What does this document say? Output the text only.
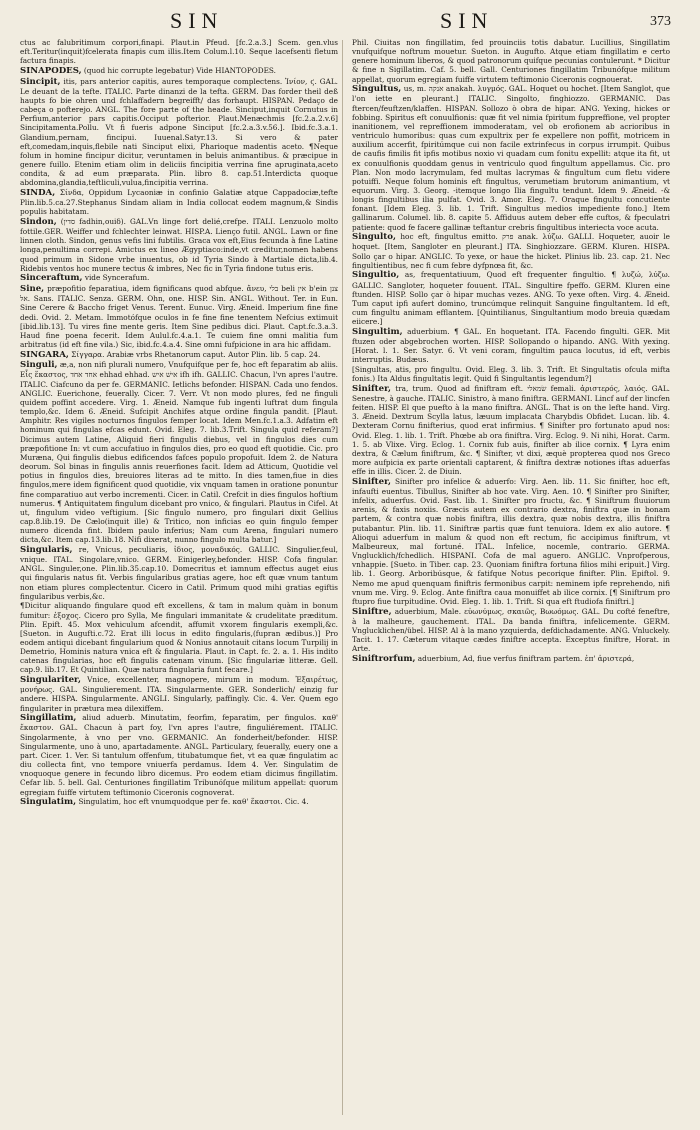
SIN	SIN	373

ctus ac falubritimum corpori,finapi. Plaut.in Pfeud. [fc.2.a.3.] Scem. gen.vlus eft.Teritur(inquit)fcelerata finapis cum illis.Item Colum.l.10. Seque lacefsenti fletum factura finapis.

SINAPODES, (quod hic corrupte legebatur) Vide HIANTOPODES.

Sincipit, itis, pars anterior capitis, aures temporaque complectens. Ἰνίον, ϛ. GAL. Le deuant de la tefte. ITALIC. Parte dinanzi de la tefta. GERM. Das forder theil deß haupts fo bie ohren und fchlaffadern begreifft/ das forhaupt. HISPAN. Pedaço de cabeça o pofterejo. ANGL. The fore parte of the heade. Sinciput,inquit Cornutus in Perfium,anterior pars capitis.Occiput pofterior. Plaut.Menæchmis [fc.2.a.2.v.6] Sincipitamenta.Pollu. Vt fi fueris adpone Sinciput [fc.2.a.3.v.56.]. Ibid.fc.3.a.1. Glandium,pernam, fincipui. Iuuenal.Satyr.13. Si vero & pater eft,comedam,inquis,flebile nati Sinciput elixi, Pharioque madentis aceto. ¶Neque folum in homine fincipur dicitur, veruntamen in beluis animantibus. & præcipue in genere fuillo. Etenim etiam olim in deliciis fincipitia verrina fine apruginata,aceto condita, & ad eum præparata. Plin. libro 8. cap.51.Interdicta quoque abdomina,glandia,teftliculi,vulua,fincipitia verrina.

SINDA, Σίνδα, Oppidum Lycaoniæ in confinio Galatiæ atque Cappadociæ,tefte Plin.lib.5.ca.27.Stephanus Sindam aliam in India collocat eodem magnum,& Sindis populis habitatam.

Sindon, (סדין fadhin,ouiδ). GAL.Vn linge fort delié,crefpe. ITALI. Lenzuolo molto fottile.GER. Weiffer und fchlechter leinwat. HISP.A. Lienço futil. ANGL. Lawn or fine linnen cloth. Sindon, genus vefis lini fubtilis. Graca vox eft,Eius fecunda à fine Latine longa,penultima correpi. Amictus ex lineo Ægyptiaco:inde,vt creditur,nomen habens quod primum in Sidone vrbe inuentus, ob id Tyria Sindo à Martiale dicta,lib.4. Ridebis ventos hoc munere tectus & imbres, Nec fic in Tyria findone tutus eris.

Sinceraftum, vide Syncerafum.

Sine, præpofitio feparatiua, idem fignificans quod abfque. ἄνευ, בלי beli אין b'ein צנן אל. Sans. ITALIC. Senza. GERM. Ohn, one. HISP. Sin. ANGL. Without. Ter. in Eun. Sine Cerere & Baccho friget Venus. Terent. Eunuc. Virg. Æneid. Imperium fine fine dedi. Ovid. 2. Metam. Immotófque oculos in fe fine fine tenentem Nefcius extimuit [ibid.lib.13]. Tu vires fine mente geris. Item Sine pedibus dici. Plaut. Capt.fc.3.a.3. Haud fine poena fecerit. Idem Aulul.fc.4.a.1. Te cuiem fine omni malitia fum arbitratus (id eft fine vila.) Sic, ibid.fc.4.a.4. Sine omni fufpicione in ara hic affidam.

SINGARA, Σίγγαρα. Arabiæ vrbs Rhetanorum caput. Autor Plin. lib. 5 cap. 24.

Singuli, æ,a, non nifi plurali numero, Vnufquifque per fe, hoc eft feparatim ab aliis. Εἷς ἕκαστος, אחד אחד ehhad ehhad. אישׁ איש ifh ifh. GALLIC. Chacun, l'vn apres l'autre. ITALIC. Ciafcuno da per fe. GERMANIC. Ietlichs befonder. HISPAN. Cada uno fendos. ANGLIC. Euerichone, feuerally. Cicer. 7. Verr. Vt non modo plures, fed ne finguli quidem poffint accedere. Virg. 1. Æneid. Namque fub ingenti luftrat dum fingula templo,&c. Idem 6. Æneid. Sufcipit Anchifes atque ordine fingula pandit. [Plaut. Amphitr. Res vigiles nocturnos fingulos femper locat. Idem Men.fc.1.a.3. Adfatim eft hominum qui fingulas efcas edunt. Ovid. Eleg. 7. lib.3.Trift. Singula quid referam?] Dicimus autem Latine, Aliquid fieri fingulis diebus, vel in fingulos dies cum præpofitione In: vt cum accufatiuo in fingulos dies, pro eo quod eft quotidie. Cic. pro Muræna, Qui fingulis diebus edificendos fafces populo propofuit. Idem 2. de Natura deorum. Sol binas in fingulis annis reuerfiones facit. Idem ad Atticum, Quotidie vel potius in fingulos dies, breuiores literas ad te mitto. In dies tamen,fiue in dies fingulos,mere idem fignificent quod quotidie, vix vnquam tamen in oratione ponuntur fine comparatiuo aut verbo incrementi. Cicer. in Catil. Crefcit in dies fingulos hoftium numerus. ¶ Antiquitatem fingulum dicebant pro vnico, & fingulari. Plautus in Cifel. At ut, fingulum video veftigium. [Sic fingulo numero, pro fingulari dixit Gellius cap.8.lib.19. De Cælo(inquit ille) & Tritico, non inficias eo quin fingulo femper numero dicenda fint. Ibidem paulo inferius; Nam cum Arena, fingulari numero dicta,&c. Item cap.13.lib.18. Nifi dixerat, nunno fingulo multa batur.]

Singularis, re, Vnicus, peculiaris, ἰδιος, μοναδικός. GALLIC. Singulier,feul, vnique. ITAL. Singolare,vnico. GERM. Einigerley,befonder. HISP. Cofa fingular. ANGL. Singuler,one. Plin.lib.35.cap.10. Domecritus et iamnum effectus auget eius qui fingularis natus fit. Verbis fingularibus gratias agere, hoc eft quæ vnum tantum non etiam plures complectentur. Cicero in Catil. Primum quod mihi gratias egiftis fingularibus verbis,&c.

¶Dicitur aliquando fingulare quod eft excellens, & tam in malum quàm in bonum fumitur: ἐξοχος. Cicero pro Sylla, Me fingulari immanitate & crudelitate præditum. Plin. Epift. 45. Mox vehiculum afcendit, affumit vxorem fingularis exempli,&c. [Sueton. in Augufti.c.72. Erat illi locus in edito fingularis,(fupran ædibus.)] Pro eodem antiqui dicebant fingularium quod & Nonius annotauit citans locum Turpilij in Demetrio, Hominis natura vnica eft & fingularia. Plaut. in Capt. fc. 2. a. 1. His indito catenas fingularias, hoc eft fingulis catenam vinum. [Sic fingulariæ litteræ. Gell. cap.9. lib.17. Et Quintilian. Quæ natura fingularia funt fecare.]

Singulariter, Vnice, excellenter, magnopere, mirum in modum. Ἐξαιρέτως, μονήρως. GAL. Singulierement. ITA. Singularmente. GER. Sonderlich/ einzig fur andere. HISPA. Singularmente. ANGLI. Singularly, paffingly. Cic. 4. Ver. Quem ego fingulariter in prætura mea dilexiffem.

Singillatim, aliud aduerb. Minutatim, feorfim, feparatim, per fingulos. καθ' ἕκαστον. GAL. Chacun à part foy, l'vn apres l'autre, finguliérement. ITALIC. Singolarmente, à vno per vno. GERMANIC. An fonderheit/befonder. HISP. Singularmente, uno à uno, apartadamente. ANGL. Particulary, feuerally, euery one a part. Cicer. 1. Ver. Si tantulum offenfum, titubatumque fiet, vt ea quæ fingulatim ac diu collecta fint, vno tempore vniuerfa perdamus. Idem 4. Ver. Singulatim de vnoquoque genere in fecundo libro dicemus. Pro eodem etiam dicimus fingillatim. Cefar lib. 5. bell. Gal. Centuriones fingillatim Tribunóſque militum appellat: quorum egregiam fuiffe virtutem teftimonio Ciceronis cognoverat.

Singulatim, Singulatim, hoc eft vnumquodque per fe. καθ' ἕκαστοι. Cic. 4.

Phil. Ciuitas non fingillatim, fed prouinciis totis dabatur. Lucillius, Singillatim vnufquifque noftrum mouetur. Sueton. in Augufto. Atque etiam fingillatim e certo genere hominum liberos, & quod patronorum quifque pecunias contulerunt. * Dicitur & fine n Sigillatim. Caf. 5. bell. Gall. Centuriones fingillatim Tribunófque militum appellat, quorum egregiam fuiffe virtutem teftimonio Ciceronis cognouerat.

Singultus, us, m. אנקה anakah. λυγμός. GAL. Hoquet ou hochet. [Item Sanglot, que l'on iette en pleurant.] ITALIC. Singolto, finghiozzo. GERMANIC. Das ftercen/feuftzen/klaffen. HISPAN. Sollozo ò obra de hipar. ANG. Yexing, hickes or fobbing. Spiritus eft conuulfionis: quæ fit vel nimia fpiritum fuppreffione, vel propter inanitionem, vel repreffionem immoderatam, vel ob erofionem ab acrioribus in ventriculo humoribus: quas cum expultrix per fe expellere non poffit, motricem in auxilium accerfit, fpiritúmque cui non facile extrinfecus in corpus irrumpit. Quibus de caufis fimilis fit ipfis motibus noxio vi quadam cum fonitu expellit: atque ita fit, ut ex conuulfionis quoddam genus in ventriculo quod fingultum appellamus. Cic. pro Plan. Non modo lacrymulam, fed multas lacrymas & fingultum cum fletu videre potuiffi. Neque folum hominis eft fingultus, verumetiam brutorum animantium, vt equorum. Virg. 3. Georg. -itemque longo Ilia fingultu tendunt. Idem 9. Æneid. -& longis fingultibus ilia pulfat. Ovid. 3. Amor. Eleg. 7. Oraque fingultu concutiente fonant. [Idem Eleg. 3. lib. 1. Trift. Singultus medios impediente fono.] Item gallinarum. Columel. lib. 8. capite 5. Affiduus autem deber effe cuftos, & fpeculatri patiente: quod fe facere gallinæ teftantur crebris fingultibus interiecta voce acuta.

Singulto, hoc eft, fingultus emitto. פרק anak. λύζω. GALLI. Hoqueter, auoir le hoquet. [Item, Sangloter en pleurant.] ITA. Singhiozzare. GERM. Kluren. HISPA. Sollo çar o hipar. ANGLIC. To yexe, or haue the hicket. Plinius lib. 23. cap. 21. Nec fingultientibus, nec fi cum febre dyfpnœa fit, &c.

Singultio, as, frequentatiuum, Quod eft frequenter fingultio. ¶ λυζώ, λύζω. GALLIC. Sangloter, hoqueter fouuent. ITAL. Singultire fpeffo. GERM. Kluren eine ftunden. HISP. Sollo çar ò hipar muchas vezes. ANG. To yexe often. Virg. 4. Æneid. Tum caput ipfi aufert domino, truncúmque relinquit Sanguine fingultantem. Id eft, cum fingultu animam efflantem. [Quintilianus, Singultantium modo breuia quædam eiicere.]

Singultim, aduerbium. ¶ GAL. En hoquetant. ITA. Facendo fingulti. GER. Mit ftuzen oder abgebrochen worten. HISP. Sollopando o hipando. ANG. With yexing. [Horat. l. 1. Ser. Satyr. 6. Vt veni coram, fingultim pauca locutus, id eft, verbis interruptis. Budæus.

[Singultas, atis, pro fingultu. Ovid. Eleg. 3. lib. 3. Trift. Et Singultatis ofcula mifta fonis.) Ita Aldus fingultatis legit. Quid fi Singultantis legendum?]

Sinifter, tra, trum. Quod ad finiftram eft. שׂמאלי femali. ἀριστερός, λαιός. GAL. Senestre, à gauche. ITALIC. Sinistro, à mano finiftra. GERMANI. Lincf auf der lincfen feiten. HISP. El que puefto à la mano finiftra. ANGL. That is on the lefte hand. Virg. 3. Æneid. Dextrum Scylla latus, læuum implacata Charybdis Obfidet. Lucan. lib. 4. Dexteram Cornu finifterius, quod erat infirmius. ¶ Sinifter pro fortunato apud nos: Ovid. Eleg. 1. lib. 1. Trift. Phœbe ab ora finiftra. Virg. Eclog. 9. Ni nihi, Horat. Carm. 1. 5. ab Vlixe. Virg. Eclog. 1. Cornix fub auis, finifter ab ilice cornix. ¶ Lyra enim dextra, & Cælum finiftrum, &c. ¶ Sinifter, vt dixi, æquè propterea quod nos Greco more aufpicia ex parte orientali captarent, & finiftra dextræ notiones iftas aduerfas effe in illis. Cicer. 2. de Diuin.

Sinifter, Sinifter pro infelice & aduerfo: Virg. Aen. lib. 11. Sic finifter, hoc eft, infaufti euentus. Tibullus, Sinifter ab hoc vate. Virg. Aen. 10. ¶ Sinifter pro Sinifter, infelix, aduerfus. Ovid. Fast. lib. 1. Sinifter pro fructu, &c. ¶ Siniftrum fluuiorum arenis, & faxis noxiis. Græcis autem ex contrario dextra, finiftra quæ in bonam partem, & contra quæ nobis finiftra, illis dextra, quæ nobis dextra, illis finiftra putabantur. Plin. lib. 11. Siniftræ partis quæ funt tenuiora. Idem ex alio autore. ¶ Alioqui aduerfum in malum & quod non eft rectum, fic accipimus finiftrum, vt Malbeureux, mal fortuné. ITAL. Infelice, nocemle, contrario. GERMA. Vnglucklich/fchedlich. HISPANI. Cofa de mal aguero. ANGLIC. Vnprofperous, vnhappie. [Sueto. in Tiber. cap. 23. Quoniam finiftra fortuna filios mihi eripuit.] Virg. lib. 1. Georg. Arboribúsque, & fatifque Notus pecorique finifter. Plin. Epiftol. 9. Nemo me apud quenquam finiftris fermonibus carpit: neminem ipfe reprehendo, nifi vnum me. Virg. 9. Eclog. Ante finiftra caua monuiffet ab ilice cornix. [¶ Siniftrum pro ftupro fiue turpitudine. Ovid. Eleg. 1. lib. 1. Trift. Si qua eft ftudiofa finiftri.]

Siniftre, aduerbium, Male. εὐωνύμως, σκαιῶς, Βωωόμως. GAL. Du cofté feneftre, à la malheure, gauchement. ITAL. Da banda finiftra, infelicemente. GERM. Vnglucklichen/übel. HISP. Al à la mano yzquierda, defdichadamente. ANG. Vnluckely. Tacit. 1. 17. Cæterum vitaque cædes finiftre accepta. Exceptus finiftre, Horat. in Arte.

Siniftrorfum, aduerbium, Ad, fiue verfus finiftram partem. ἐπ' ἀριστερά,
